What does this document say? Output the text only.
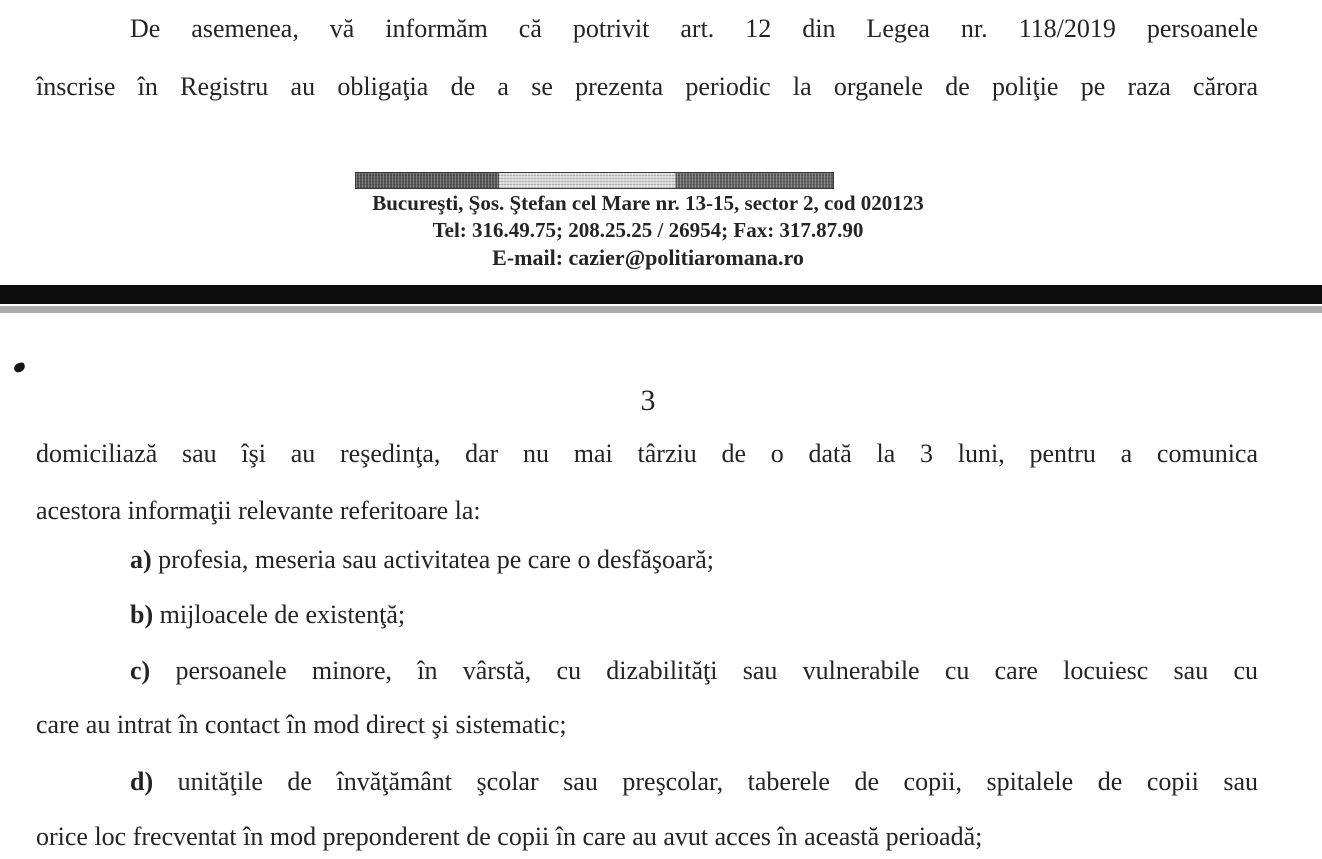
De asemenea, vă informăm că potrivit art. 12 din Legea nr. 118/2019 persoanele
înscrise în Registru au obligaţia de a se prezenta periodic la organele de poliţie pe raza cărora
Bucureşti, Şos. Ştefan cel Mare nr. 13-15, sector 2, cod 020123
Tel: 316.49.75; 208.25.25 / 26954; Fax: 317.87.90
E-mail: cazier@politiaromana.ro
3
domiciliază sau îşi au reşedinţa, dar nu mai târziu de o dată la 3 luni, pentru a comunica
acestora informaţii relevante referitoare la:
a) profesia, meseria sau activitatea pe care o desfăşoară;
b) mijloacele de existenţă;
c) persoanele minore, în vârstă, cu dizabilităţi sau vulnerabile cu care locuiesc sau cu
care au intrat în contact în mod direct şi sistematic;
d) unităţile de învăţământ şcolar sau preşcolar, taberele de copii, spitalele de copii sau
orice loc frecventat în mod preponderent de copii în care au avut acces în această perioadă;
